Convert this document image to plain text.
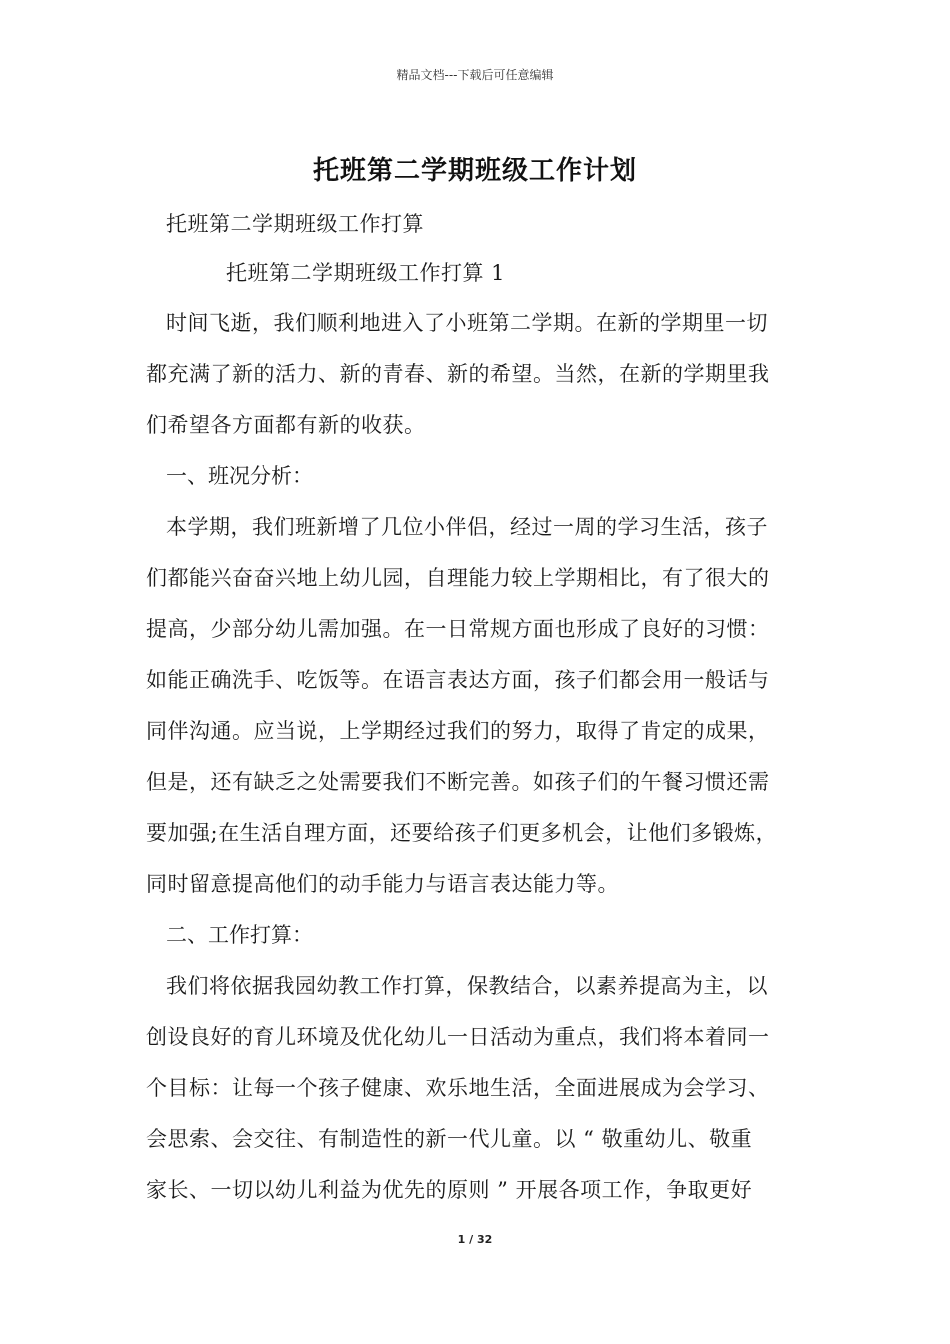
精品文档---下载后可任意编辑
托班第二学期班级工作计划
托班第二学期班级工作打算
托班第二学期班级工作打算 1

时间飞逝，我们顺利地进入了小班第二学期。在新的学期里一切
都充满了新的活力、新的青春、新的希望。当然，在新的学期里我
们希望各方面都有新的收获。

一、班况分析：

本学期，我们班新增了几位小伴侣，经过一周的学习生活，孩子
们都能兴奋奋兴地上幼儿园，自理能力较上学期相比，有了很大的
提高，少部分幼儿需加强。在一日常规方面也形成了良好的习惯：
如能正确洗手、吃饭等。在语言表达方面，孩子们都会用一般话与
同伴沟通。应当说，上学期经过我们的努力，取得了肯定的成果，
但是，还有缺乏之处需要我们不断完善。如孩子们的午餐习惯还需
要加强;在生活自理方面，还要给孩子们更多机会，让他们多锻炼，
同时留意提高他们的动手能力与语言表达能力等。

二、工作打算：

我们将依据我园幼教工作打算，保教结合，以素养提高为主，以
创设良好的育儿环境及优化幼儿一日活动为重点，我们将本着同一
个目标：让每一个孩子健康、欢乐地生活，全面进展成为会学习、
会思索、会交往、有制造性的新一代儿童。以 “ 敬重幼儿、敬重
家长、一切以幼儿利益为优先的原则 ” 开展各项工作，争取更好

1 / 32
